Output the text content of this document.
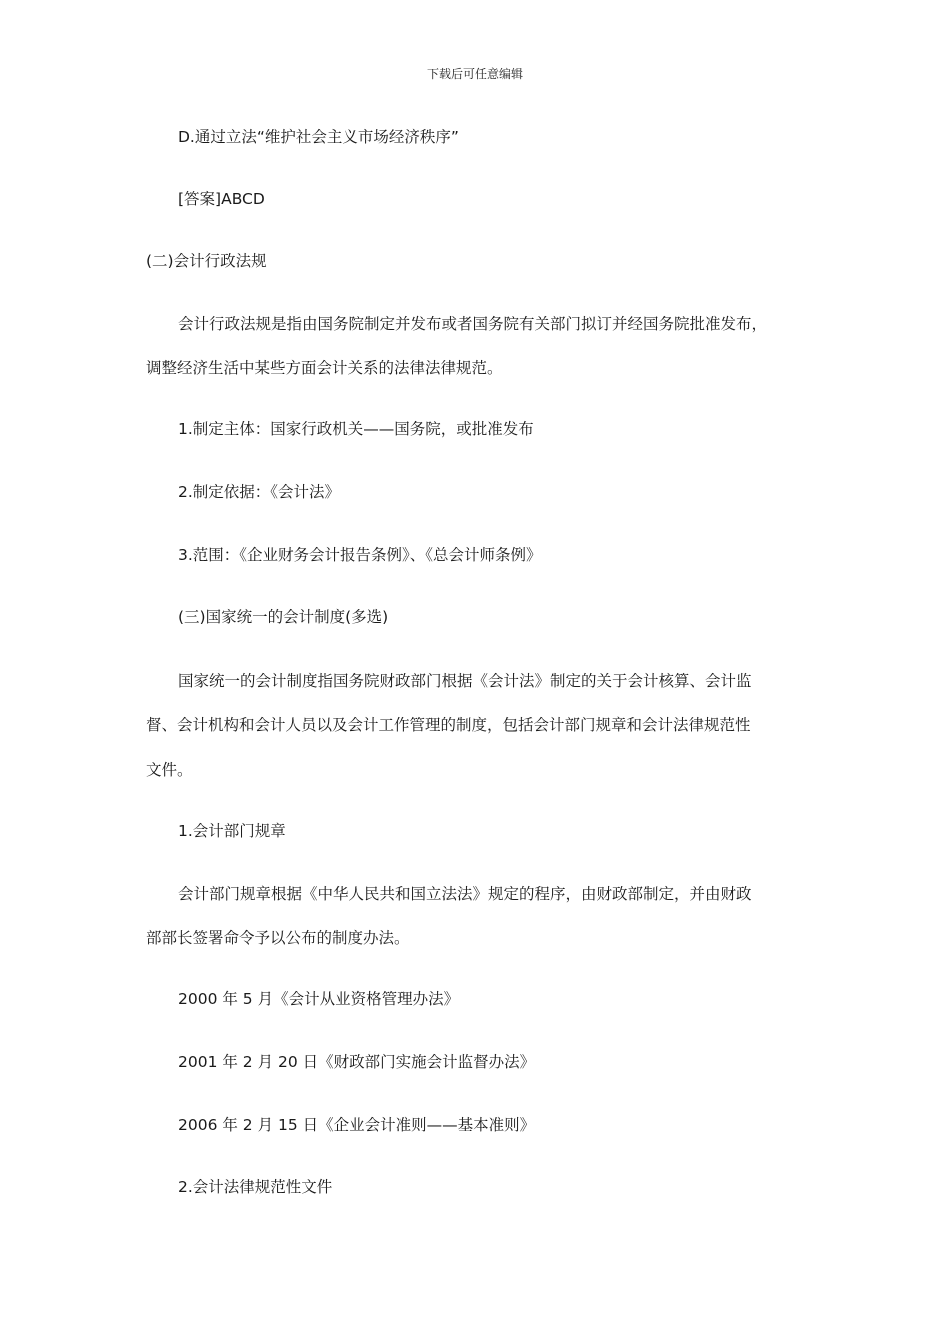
下载后可任意编辑
D.通过立法“维护社会主义市场经济秩序”
[答案]ABCD
(二)会计行政法规
会计行政法规是指由国务院制定并发布或者国务院有关部门拟订并经国务院批准发布，
调整经济生活中某些方面会计关系的法律法律规范。
1.制定主体：国家行政机关——国务院，或批准发布
2.制定依据：《会计法》
3.范围：《企业财务会计报告条例》、《总会计师条例》
(三)国家统一的会计制度(多选)
国家统一的会计制度指国务院财政部门根据《会计法》制定的关于会计核算、会计监
督、会计机构和会计人员以及会计工作管理的制度，包括会计部门规章和会计法律规范性
文件。
1.会计部门规章
会计部门规章根据《中华人民共和国立法法》规定的程序，由财政部制定，并由财政
部部长签署命令予以公布的制度办法。
2000 年 5 月《会计从业资格管理办法》
2001 年 2 月 20 日《财政部门实施会计监督办法》
2006 年 2 月 15 日《企业会计准则——基本准则》
2.会计法律规范性文件
